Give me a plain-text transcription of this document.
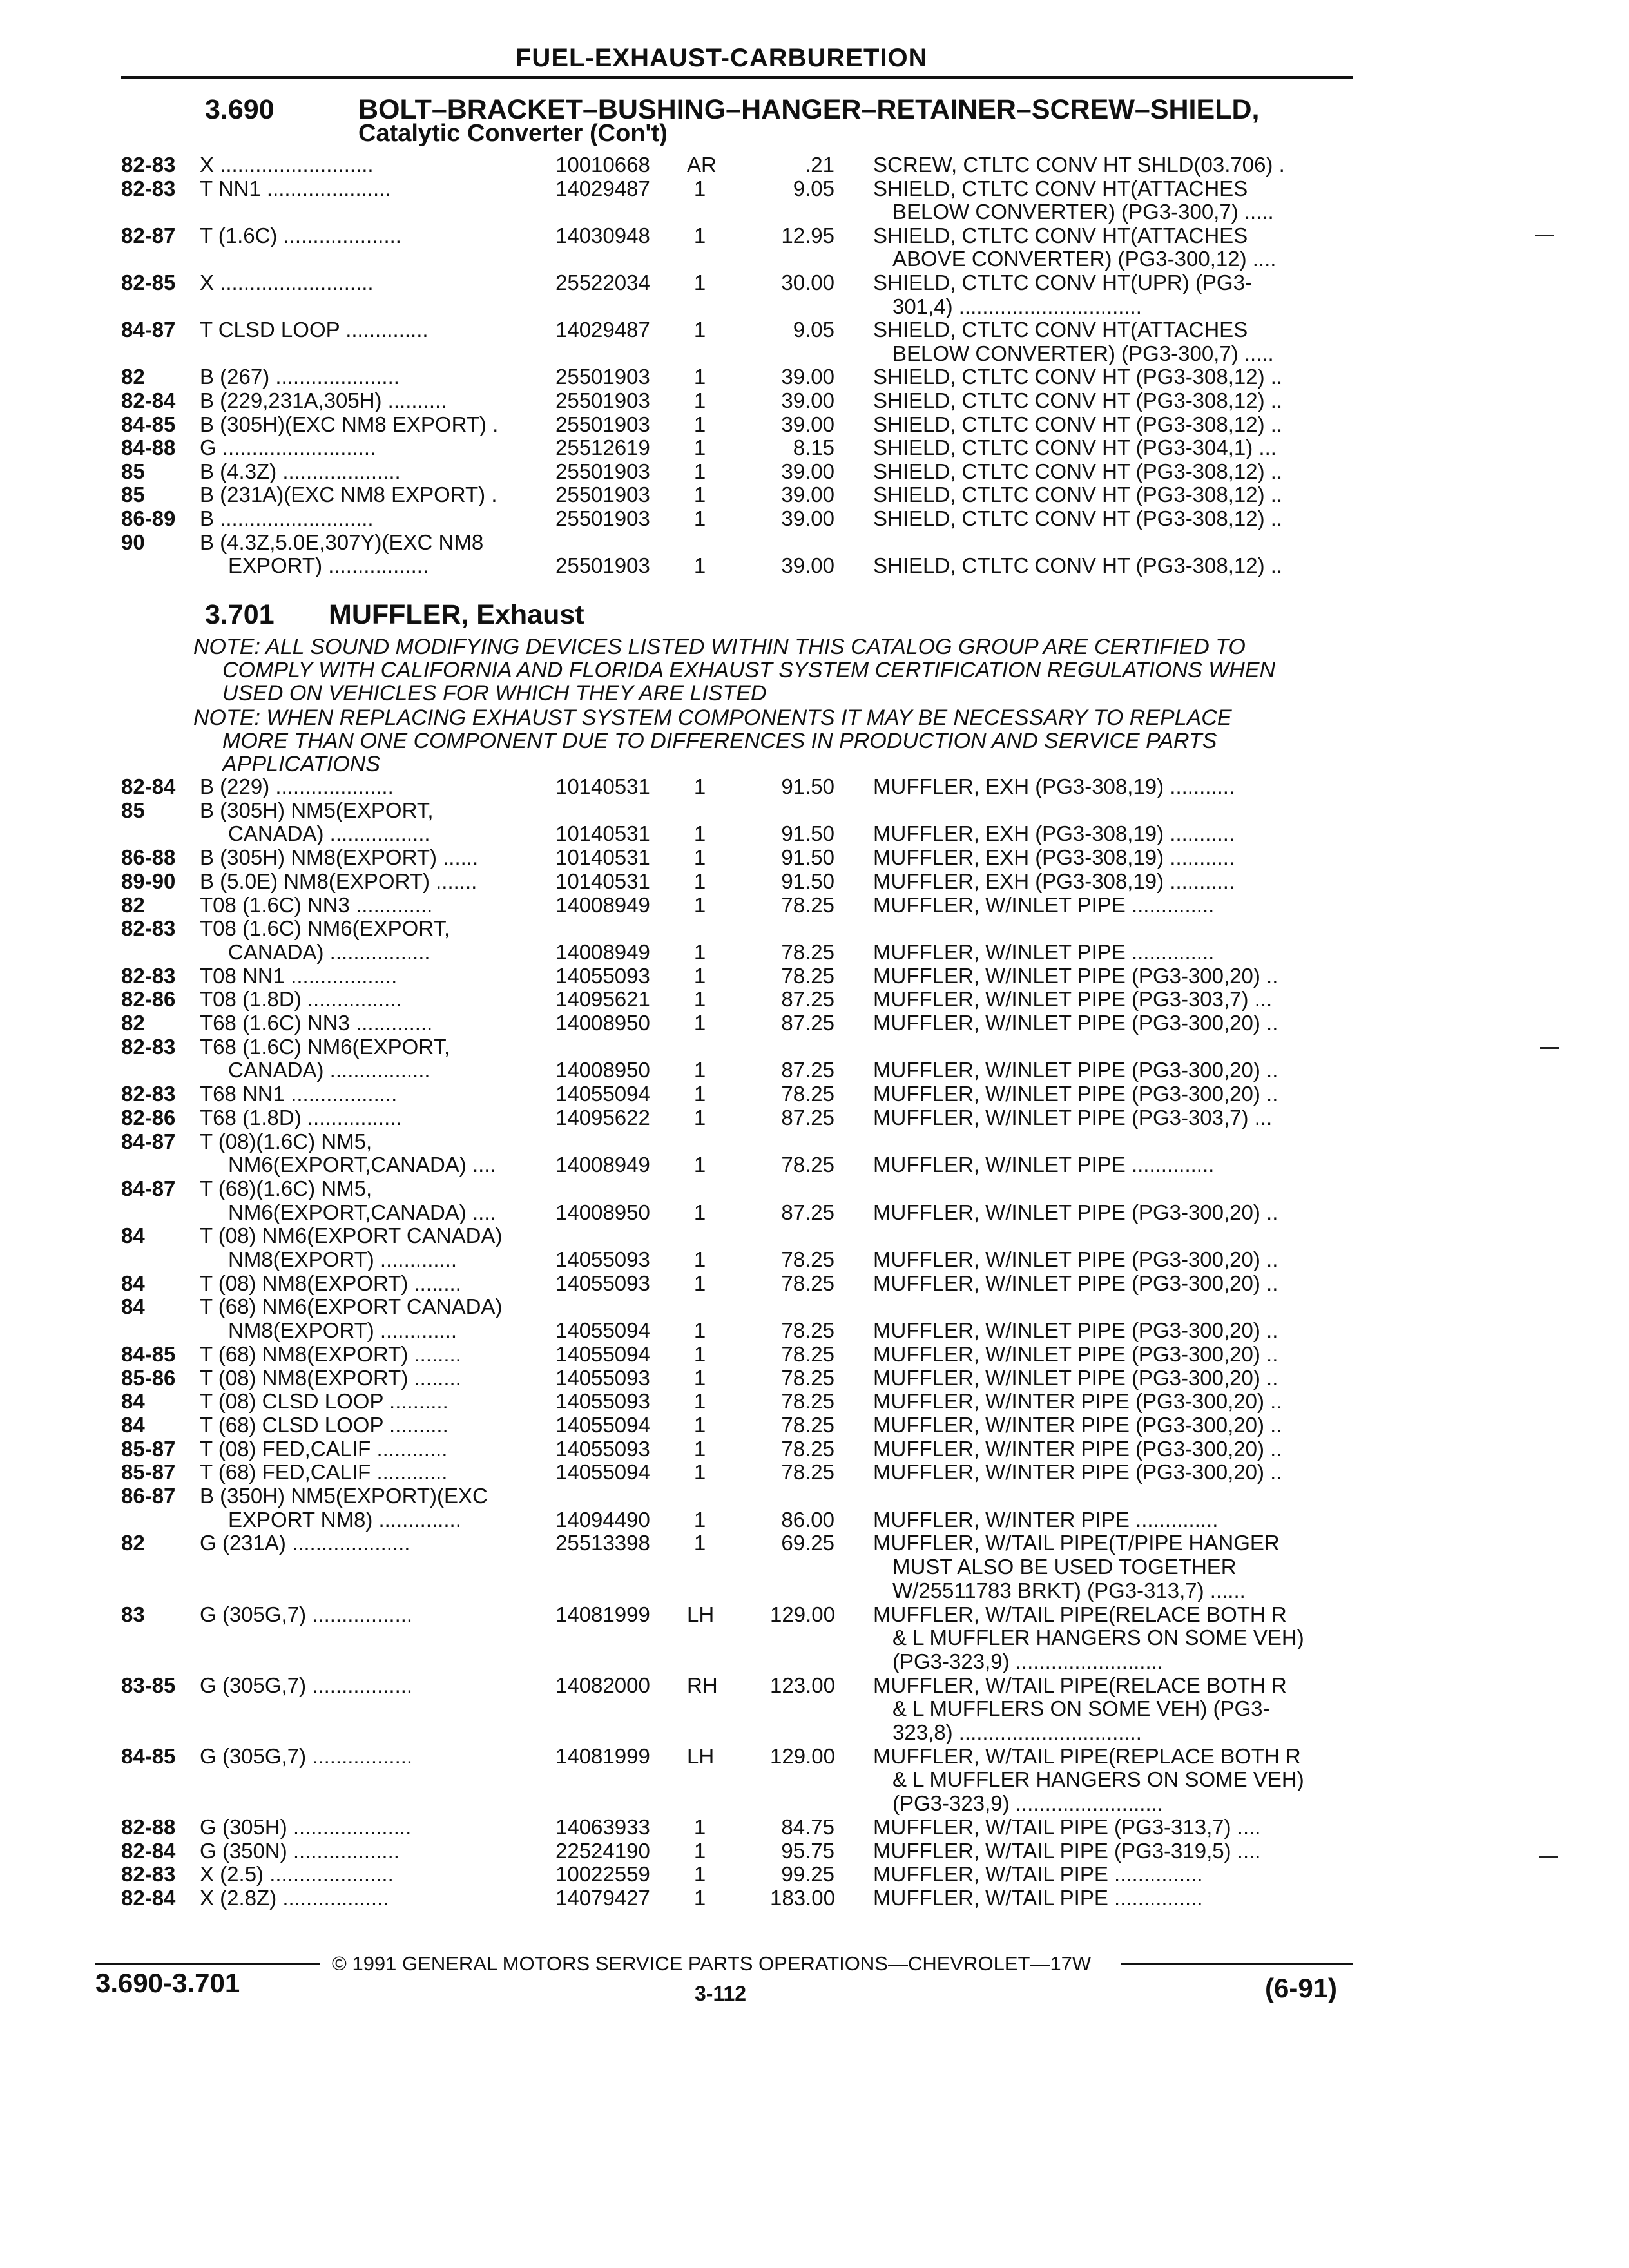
FUEL-EXHAUST-CARBURETION
3.690	BOLT–BRACKET–BUSHING–HANGER–RETAINER–SCREW–SHIELD,
Catalytic Converter (Con't)
3.701 MUFFLER, Exhaust
NOTE: ALL SOUND MODIFYING DEVICES LISTED WITHIN THIS CATALOG GROUP ARE CERTIFIED TO
COMPLY WITH CALIFORNIA AND FLORIDA EXHAUST SYSTEM CERTIFICATION REGULATIONS WHEN
USED ON VEHICLES FOR WHICH THEY ARE LISTED
NOTE: WHEN REPLACING EXHAUST SYSTEM COMPONENTS IT MAY BE NECESSARY TO REPLACE
MORE THAN ONE COMPONENT DUE TO DIFFERENCES IN PRODUCTION AND SERVICE PARTS
APPLICATIONS
82-83 X ..........................	10010668 AR	.21 SCREW, CTLTC CONV HT SHLD(03.706) .
82-83 T NN1 .....................	14029487	1	9.05 SHIELD, CTLTC CONV HT(ATTACHES
BELOW CONVERTER) (PG3-300,7) .....
82-87 T (1.6C) ....................	14030948	1	12.95 SHIELD, CTLTC CONV HT(ATTACHES
ABOVE CONVERTER) (PG3-300,12) ....
82-85 X ..........................	25522034	1	30.00 SHIELD, CTLTC CONV HT(UPR) (PG3-
301,4) ...............................
84-87 T CLSD LOOP ..............	14029487	1	9.05 SHIELD, CTLTC CONV HT(ATTACHES
BELOW CONVERTER) (PG3-300,7) .....
82	B (267) .....................	25501903	1	39.00 SHIELD, CTLTC CONV HT (PG3-308,12) ..
82-84 B (229,231A,305H) ..........	25501903	1	39.00 SHIELD, CTLTC CONV HT (PG3-308,12) ..
84-85 B (305H)(EXC NM8 EXPORT) .	25501903	1	39.00 SHIELD, CTLTC CONV HT (PG3-308,12) ..
84-88 G ..........................	25512619	1	8.15 SHIELD, CTLTC CONV HT (PG3-304,1) ...
85	B (4.3Z) ....................	25501903	1	39.00 SHIELD, CTLTC CONV HT (PG3-308,12) ..
85	B (231A)(EXC NM8 EXPORT) .	25501903	1	39.00 SHIELD, CTLTC CONV HT (PG3-308,12) ..
86-89 B ..........................	25501903	1	39.00 SHIELD, CTLTC CONV HT (PG3-308,12) ..
90	B (4.3Z,5.0E,307Y)(EXC NM8
EXPORT) .................	25501903	1	39.00 SHIELD, CTLTC CONV HT (PG3-308,12) ..
82-84 B (229) ....................	10140531	1	91.50 MUFFLER, EXH (PG3-308,19) ...........
85	B (305H) NM5(EXPORT,
CANADA) .................	10140531	1	91.50 MUFFLER, EXH (PG3-308,19) ...........
86-88 B (305H) NM8(EXPORT) ......	10140531	1	91.50 MUFFLER, EXH (PG3-308,19) ...........
89-90 B (5.0E) NM8(EXPORT) .......	10140531	1	91.50 MUFFLER, EXH (PG3-308,19) ...........
82	T08 (1.6C) NN3 .............	14008949	1	78.25 MUFFLER, W/INLET PIPE ..............
82-83 T08 (1.6C) NM6(EXPORT,
CANADA) .................	14008949	1	78.25 MUFFLER, W/INLET PIPE ..............
82-83 T08 NN1 ..................	14055093	1	78.25 MUFFLER, W/INLET PIPE (PG3-300,20) ..
82-86 T08 (1.8D) ................	14095621	1	87.25 MUFFLER, W/INLET PIPE (PG3-303,7) ...
82	T68 (1.6C) NN3 .............	14008950	1	87.25 MUFFLER, W/INLET PIPE (PG3-300,20) ..
82-83 T68 (1.6C) NM6(EXPORT,
CANADA) .................	14008950	1	87.25 MUFFLER, W/INLET PIPE (PG3-300,20) ..
82-83 T68 NN1 ..................	14055094	1	78.25 MUFFLER, W/INLET PIPE (PG3-300,20) ..
82-86 T68 (1.8D) ................	14095622	1	87.25 MUFFLER, W/INLET PIPE (PG3-303,7) ...
84-87 T (08)(1.6C) NM5,
NM6(EXPORT,CANADA) ....	14008949	1	78.25 MUFFLER, W/INLET PIPE ..............
84-87 T (68)(1.6C) NM5,
NM6(EXPORT,CANADA) ....	14008950	1	87.25 MUFFLER, W/INLET PIPE (PG3-300,20) ..
84	T (08) NM6(EXPORT CANADA)
NM8(EXPORT) .............	14055093	1	78.25 MUFFLER, W/INLET PIPE (PG3-300,20) ..
84	T (08) NM8(EXPORT) ........	14055093	1	78.25 MUFFLER, W/INLET PIPE (PG3-300,20) ..
84	T (68) NM6(EXPORT CANADA)
NM8(EXPORT) .............	14055094	1	78.25 MUFFLER, W/INLET PIPE (PG3-300,20) ..
84-85 T (68) NM8(EXPORT) ........	14055094	1	78.25 MUFFLER, W/INLET PIPE (PG3-300,20) ..
85-86 T (08) NM8(EXPORT) ........	14055093	1	78.25 MUFFLER, W/INLET PIPE (PG3-300,20) ..
84	T (08) CLSD LOOP ..........	14055093	1	78.25 MUFFLER, W/INTER PIPE (PG3-300,20) ..
84	T (68) CLSD LOOP ..........	14055094	1	78.25 MUFFLER, W/INTER PIPE (PG3-300,20) ..
85-87 T (08) FED,CALIF ............	14055093	1	78.25 MUFFLER, W/INTER PIPE (PG3-300,20) ..
85-87 T (68) FED,CALIF ............	14055094	1	78.25 MUFFLER, W/INTER PIPE (PG3-300,20) ..
86-87 B (350H) NM5(EXPORT)(EXC
EXPORT NM8) ..............	14094490	1	86.00 MUFFLER, W/INTER PIPE ..............
82	G (231A) ....................	25513398	1	69.25 MUFFLER, W/TAIL PIPE(T/PIPE HANGER
MUST ALSO BE USED TOGETHER
W/25511783 BRKT) (PG3-313,7) ......
83	G (305G,7) .................	14081999 LH	129.00 MUFFLER, W/TAIL PIPE(RELACE BOTH R
& L MUFFLER HANGERS ON SOME VEH)
(PG3-323,9) .........................
83-85 G (305G,7) .................	14082000 RH 123.00 MUFFLER, W/TAIL PIPE(RELACE BOTH R
& L MUFFLERS ON SOME VEH) (PG3-
323,8) ...............................
84-85 G (305G,7) .................	14081999 LH	129.00 MUFFLER, W/TAIL PIPE(REPLACE BOTH R
& L MUFFLER HANGERS ON SOME VEH)
(PG3-323,9) .........................
82-88 G (305H) ....................	14063933	1	84.75 MUFFLER, W/TAIL PIPE (PG3-313,7) ....
82-84 G (350N) ..................	22524190	1	95.75 MUFFLER, W/TAIL PIPE (PG3-319,5) ....
82-83 X (2.5) .....................	10022559	1	99.25 MUFFLER, W/TAIL PIPE ...............
82-84 X (2.8Z) ..................	14079427	1	183.00 MUFFLER, W/TAIL PIPE ...............
© 1991 GENERAL MOTORS SERVICE PARTS OPERATIONS—CHEVROLET—17W
3.690-3.701	3-112	(6-91)
